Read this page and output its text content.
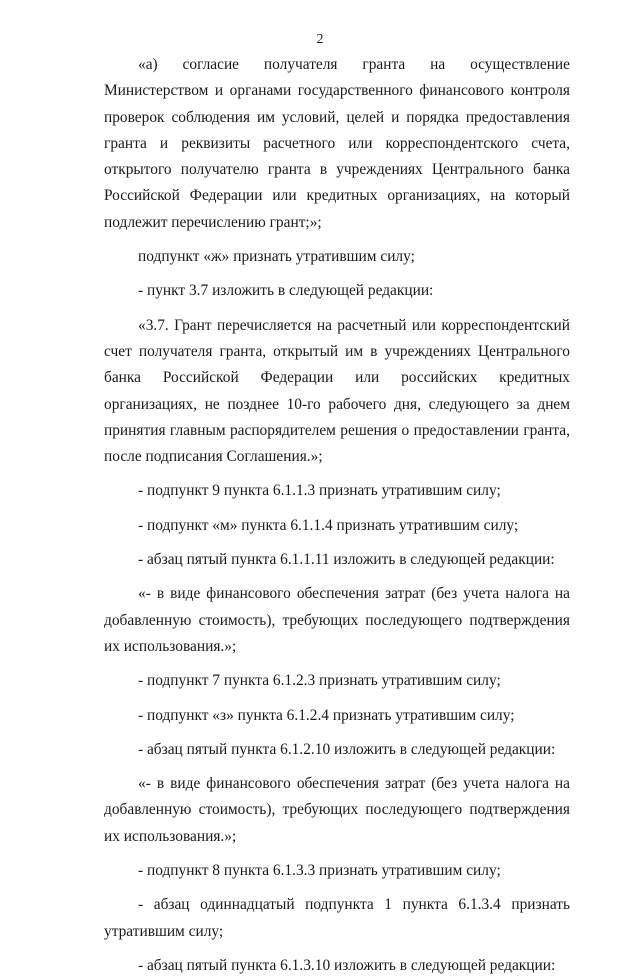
2

«а) согласие получателя гранта на осуществление Министерством и органами государственного финансового контроля проверок соблюдения им условий, целей и порядка предоставления гранта и реквизиты расчетного или корреспондентского счета, открытого получателю гранта в учреждениях Центрального банка Российской Федерации или кредитных организациях, на который подлежит перечислению грант;»;

подпункт «ж» признать утратившим силу;

- пункт 3.7 изложить в следующей редакции:

«3.7. Грант перечисляется на расчетный или корреспондентский счет получателя гранта, открытый им в учреждениях Центрального банка Российской Федерации или российских кредитных организациях, не позднее 10-го рабочего дня, следующего за днем принятия главным распорядителем решения о предоставлении гранта, после подписания Соглашения.»;

- подпункт 9 пункта 6.1.1.3 признать утратившим силу;

- подпункт «м» пункта 6.1.1.4 признать утратившим силу;

- абзац пятый пункта 6.1.1.11 изложить в следующей редакции:

«- в виде финансового обеспечения затрат (без учета налога на добавленную стоимость), требующих последующего подтверждения их использования.»;

- подпункт 7 пункта 6.1.2.3 признать утратившим силу;

- подпункт «з» пункта 6.1.2.4 признать утратившим силу;

- абзац пятый пункта 6.1.2.10 изложить в следующей редакции:

«- в виде финансового обеспечения затрат (без учета налога на добавленную стоимость), требующих последующего подтверждения их использования.»;

- подпункт 8 пункта 6.1.3.3 признать утратившим силу;

- абзац одиннадцатый подпункта 1 пункта 6.1.3.4 признать утратившим силу;

- абзац пятый пункта 6.1.3.10 изложить в следующей редакции:
